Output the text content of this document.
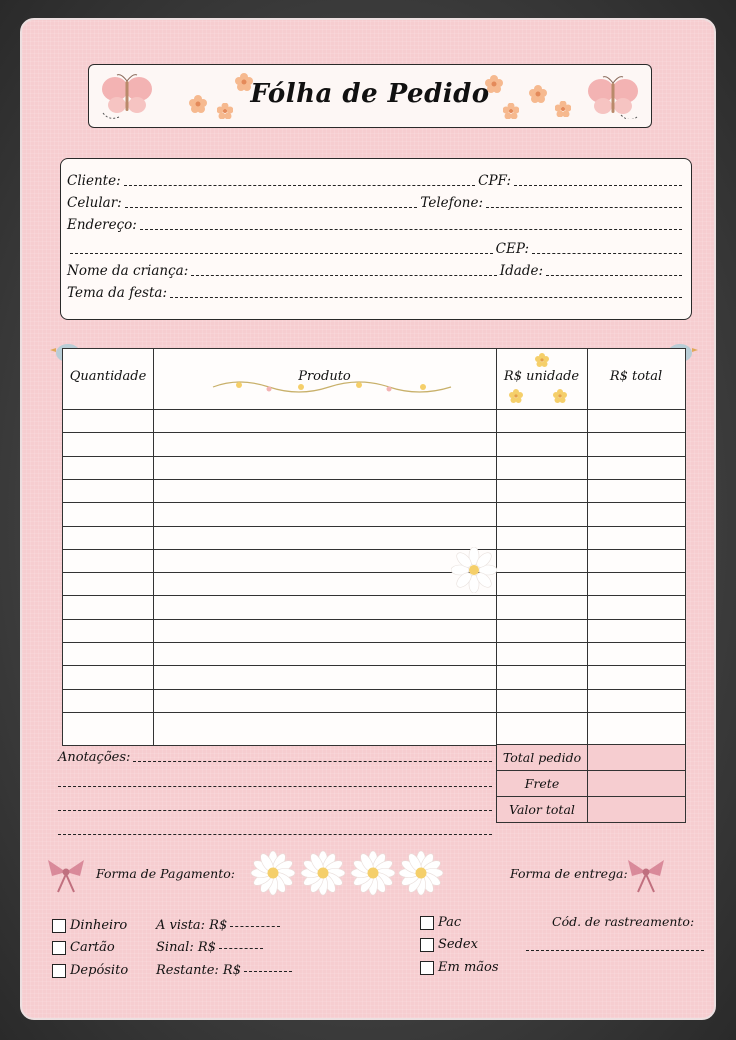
Fólha de Pedido
Cliente:	CPF:
Celular:	Telefone:
Endereço:
CEP:
Nome da criança:	Idade:
Tema da festa:
Quantidade	Produto	R$ unidade	R$ total
Anotações:	Total pedido
Frete
Valor total
Forma de Pagamento:	Forma de entrega:
Dinheiro
Cartão
Depósito
A vista: R$
Sinal: R$
Restante: R$
Pac
Sedex
Em mãos
Cód. de rastreamento:
